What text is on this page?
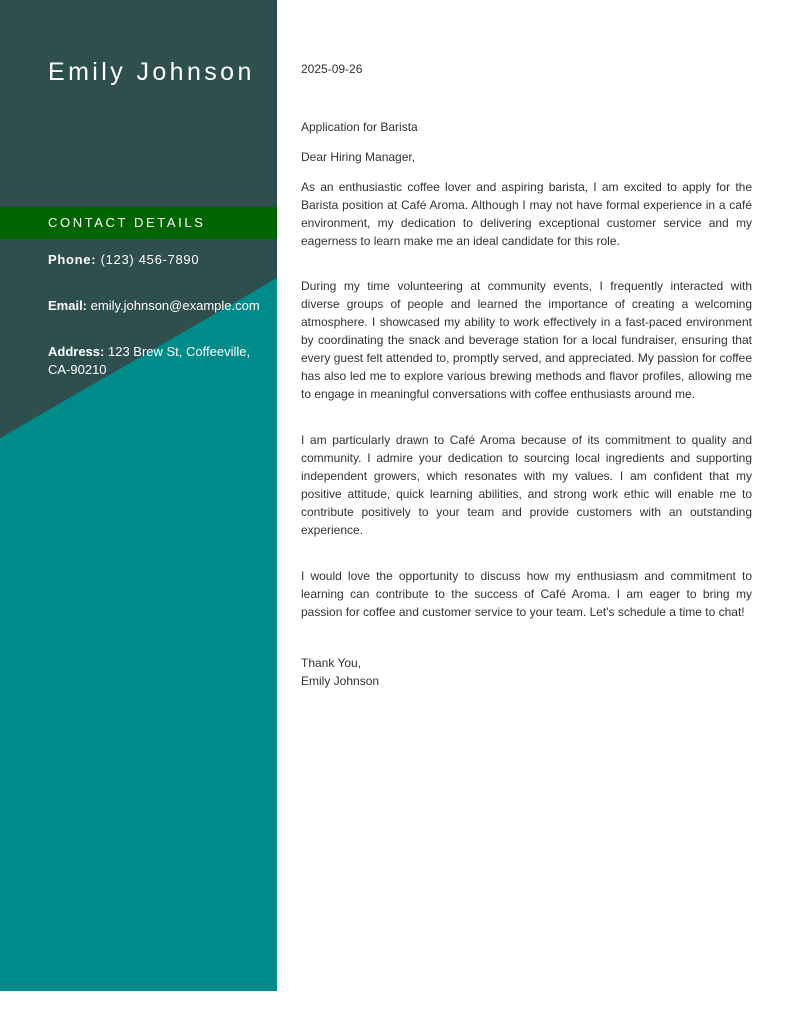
Emily Johnson
CONTACT DETAILS
Phone: (123) 456-7890
Email: emily.johnson@example.com
Address: 123 Brew St, Coffeeville, CA-90210

2025-09-26

Application for Barista

Dear Hiring Manager,

As an enthusiastic coffee lover and aspiring barista, I am excited to apply for the Barista position at Café Aroma. Although I may not have formal experience in a café environment, my dedication to delivering exceptional customer service and my eagerness to learn make me an ideal candidate for this role.

During my time volunteering at community events, I frequently interacted with diverse groups of people and learned the importance of creating a welcoming atmosphere. I showcased my ability to work effectively in a fast-paced environment by coordinating the snack and beverage station for a local fundraiser, ensuring that every guest felt attended to, promptly served, and appreciated. My passion for coffee has also led me to explore various brewing methods and flavor profiles, allowing me to engage in meaningful conversations with coffee enthusiasts around me.

I am particularly drawn to Café Aroma because of its commitment to quality and community. I admire your dedication to sourcing local ingredients and supporting independent growers, which resonates with my values. I am confident that my positive attitude, quick learning abilities, and strong work ethic will enable me to contribute positively to your team and provide customers with an outstanding experience.

I would love the opportunity to discuss how my enthusiasm and commitment to learning can contribute to the success of Café Aroma. I am eager to bring my passion for coffee and customer service to your team. Let's schedule a time to chat!

Thank You,
Emily Johnson
